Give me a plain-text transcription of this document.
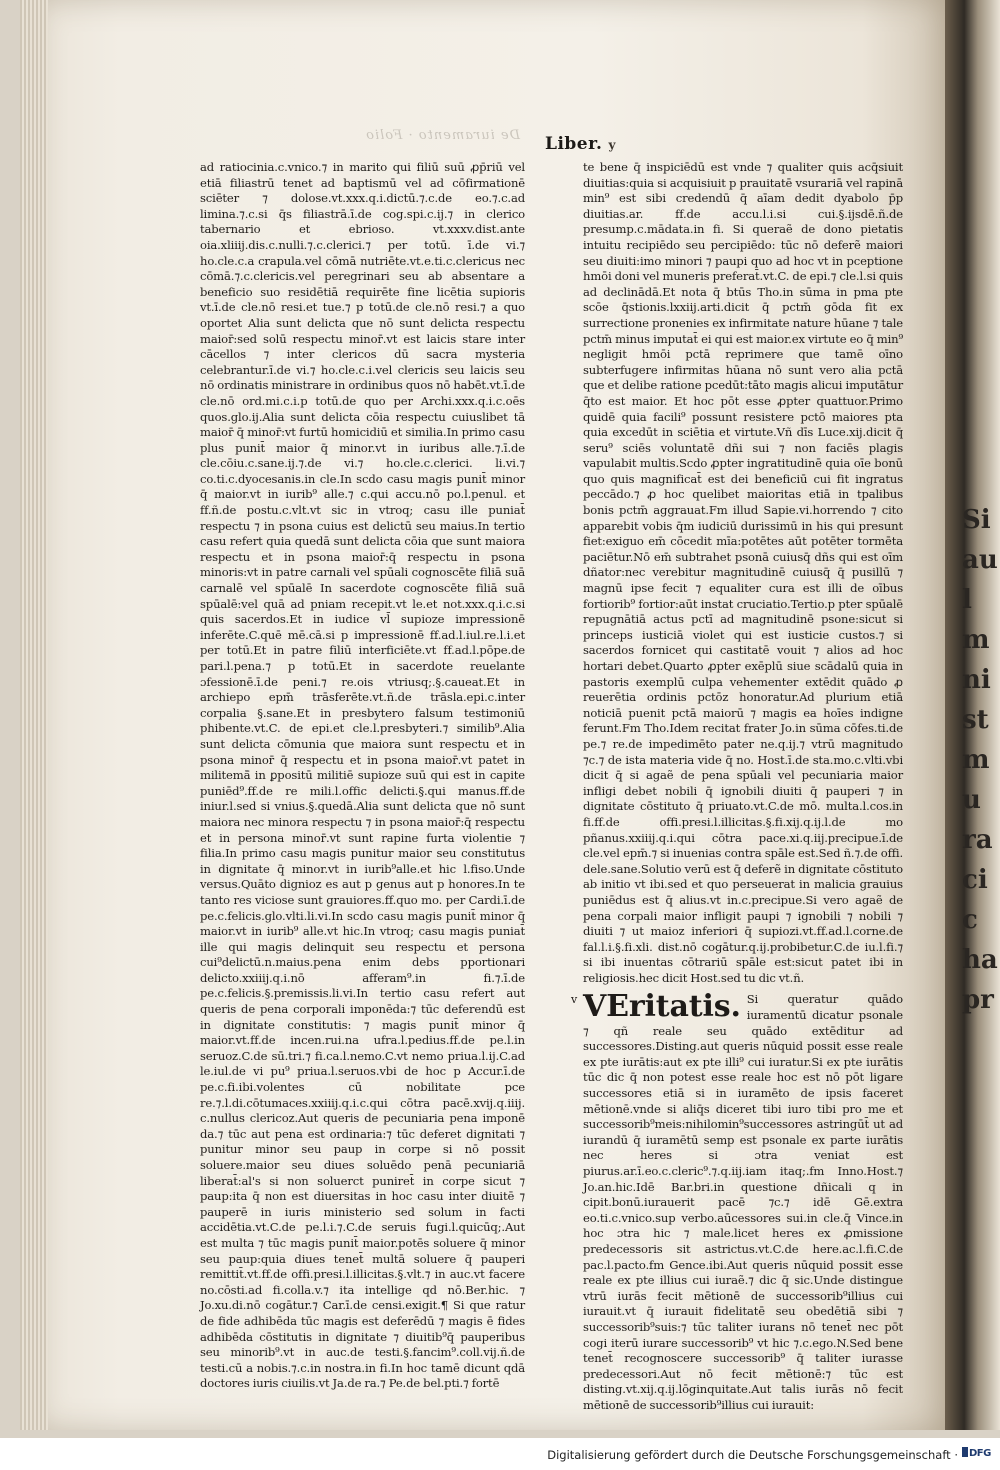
Si au l m ni st mu ra ci c ha pr
De iuramento · Folio Liber. y

ad ratiocinia.c.vnico.⁊ in marito qui filiū suū ꝓp̄riū vel etiā filiastrū tenet ad baptismū vel ad cōfirmationē sciēter ⁊ dolose.vt.xxx.q.i.dictū.⁊.c.de eo.⁊.c.ad limina.⁊.c.si q̄s filiastrā.ī.de cog.spi.c.ij.⁊ in clerico tabernario et ebrioso. vt.xxxv.dist.ante oia.xliiij.dis.c.nulli.⁊.c.clerici.⁊ per totū. ī.de vi.⁊ ho.cle.c.a crapula.vel cōmā nutriēte.vt.e.ti.c.clericus nec cōmā.⁊.c.clericis.vel peregrinari seu ab absentare a beneficio suo residētiā requirēte fine licētia supioris vt.ī.de cle.nō resi.et tue.⁊ p totū.de cle.nō resi.⁊ a quo oportet Alia sunt delicta que nō sunt delicta respectu maior̄:sed solū respectu minor̄.vt est laicis stare inter cācellos ⁊ inter clericos dū sacra mysteria celebrantur.ī.de vi.⁊ ho.cle.c.i.vel clericis seu laicis seu nō ordinatis ministrare in ordinibus quos nō habēt.vt.ī.de cle.nō ord.mi.c.i.p totū.de quo per Archi.xxx.q.i.c.oēs quos.glo.ij.Alia sunt delicta cōia respectu cuiuslibet tā maior̄ q̄ minor̄:vt furtū homicidiū et similia.In primo casu plus punit̄ maior q̄ minor.vt in iuribus alle.⁊.ī.de cle.cōiu.c.sane.ij.⁊.de vi.⁊ ho.cle.c.clerici. li.vi.⁊ co.ti.c.dyocesanis.in cle.In scdo casu magis punit̄ minor q̄ maior.vt in iurib⁹ alle.⁊ c.qui accu.nō po.l.penul. et ff.ñ.de postu.c.vlt.vt sic in vtroq; casu ille puniat̄ respectu ⁊ in psona cuius est delictū seu maius.In tertio casu refert quia quedā sunt delicta cōia que sunt maiora respectu et in psona maior̄:q̄ respectu in psona minoris:vt in patre carnali vel spūali cognoscēte filiā suā carnalē vel spūalē In sacerdote cognoscēte filiā suā spūalē:vel quā ad pniam recepit.vt le.et not.xxx.q.i.c.si quis sacerdos.Et in iudice vl̄ supioze impressionē inferēte.C.quē mē.cā.si p impressionē ff.ad.l.iul.re.l.i.et per totū.Et in patre filiū interficiēte.vt ff.ad.l.pōpe.de pari.l.pena.⁊ p totū.Et in sacerdote reuelante ɔfessionē.ī.de peni.⁊ re.ois vtriusq;.§.caueat.Et in archiepo epm̄ trāsferēte.vt.ñ.de trāsla.epi.c.inter corpalia §.sane.Et in presbytero falsum testimoniū phibente.vt.C. de epi.et cle.l.presbyteri.⁊ similib⁹.Alia sunt delicta cōmunia que maiora sunt respectu et in psona minor̄ q̄ respectu et in psona maior̄.vt patet in militemā̄ in ꝑpositū militiē supioze suū qui est in capite puniēd⁹.ff.de re mili.l.offic delicti.§.qui manus.ff.de iniur.l.sed si vnius.§.quedā.Alia sunt delicta que nō sunt maiora nec minora respectu ⁊ in psona maior̄:q̄ respectu et in persona minor̄.vt sunt rapine furta violentie ⁊ filia.In primo casu magis punitur maior seu constitutus in dignitate q̄ minor.vt in iurib⁹alle.et hic l.fiso.Unde versus.Quāto dignioz es aut p genus aut p honores.In te tanto res viciose sunt grauiores.ff.quo mo. per Cardi.ī.de pe.c.felicis.glo.vlti.li.vi.In scdo casu magis punit̄ minor q̄ maior.vt in iurib⁹ alle.vt hic.In vtroq; casu magis puniat̄ ille qui magis delinquit seu respectu et persona cui⁹delictū.n.maius.pena enim debs pportionari delicto.xxiiij.q.i.nō afferam⁹.in fi.⁊.ī.de pe.c.felicis.§.premissis.li.vi.In tertio casu refert aut queris de pena corporali imponēda:⁊ tūc deferendū est in dignitate constitutis: ⁊ magis punit̄ minor q̄ maior.vt.ff.de incen.rui.na ufra.l.pedius.ff.de pe.l.in seruoz.C.de sū.tri.⁊ fi.ca.l.nemo.C.vt nemo priua.l.ij.C.ad le.iul.de vi pu⁹ priua.l.seruos.vbi de hoc p Accur.ī.de pe.c.fi.ibi.volentes cū nobilitate pce re.⁊.l.di.cōtumaces.xxiiij.q.i.c.qui cōtra pacē.xvij.q.iiij. c.nullus clericoz.Aut queris de pecuniaria pena imponē da.⁊ tūc aut pena est ordinaria:⁊ tūc deferet dignitati ⁊ punitur minor seu paup in corpe si nō possit soluere.maior seu diues soluēdo penā pecuniariā liberat̄:al's si non soluerct puniret̄ in corpe sicut ⁊ paup:ita q̄ non est diuersitas in hoc casu inter diuitē ⁊ pauperē in iuris ministerio sed solum in facti accidētia.vt.C.de pe.l.i.⁊.C.de seruis fugi.l.quicūq;.Aut est multa ⁊ tūc magis punit̄ maior.potēs soluere q̄ minor seu paup:quia diues tenet̄ multā soluere q̄ pauperi remittit̄.vt.ff.de offi.presi.l.illicitas.§.vlt.⁊ in auc.vt facere no.cōsti.ad fi.colla.v.⁊ ita intellige qd nō.Ber.hic. ⁊ Jo.xu.di.nō cogātur.⁊ Car.ī.de censi.exigit.¶ Si que ratur de fide adhibēda tūc magis est deferēdū ⁊ magis ē fides adhibēda cōstitutis in dignitate ⁊ diuitib⁹q̄ pauperibus seu minorib⁹.vt in auc.de testi.§.fancim⁹.coll.vij.ñ.de testi.cū a nobis.⁊.c.in nostra.in fi.In hoc tamē dicunt qdā doctores iuris ciuilis.vt Ja.de ra.⁊ Pe.de bel.pti.⁊ fortē

te bene q̄ inspiciēdū est vnde ⁊ qualiter quis acq̄siuit diuitias:quia si acquisiuit p prauitatē vsurariā vel rapinā min⁹ est sibi credendū q̄ aīam dedit dyabolo p̄p diuitias.ar. ff.de accu.l.i.si cui.§.ijsdē.ñ.de presump.c.mādata.in fi. Si queraẽ de dono pietatis intuitu recipiēdo seu percipiēdo: tūc nō deferẽ maiori seu diuiti:imo minori ⁊ paupi quo ad hoc vt in pceptione hmōi doni vel muneris preferat̄.vt.C. de epi.⁊ cle.l.si quis ad declinādā.Et nota q̄ btūs Tho.in sūma in pma pte scōe q̄stionis.lxxiij.arti.dicit q̄ pctm̄ gōda fit ex surrectione pronenies ex infirmitate nature hūane ⁊ tale pctm̄ minus imputat̄ ei qui est maior.ex virtute eo q̄ min⁹ negligit hmōi pctā reprimere que tamē oīno subterfugere infirmitas hūana nō sunt vero alia pctā que et delibe ratione pcedūt:tāto magis alicui imputātur q̄to est maior. Et hoc pōt esse ꝓpter quattuor.Primo quidē quia facili⁹ possunt resistere pctō maiores pta quia excedūt in sciētia et virtute.Vñ dīs Luce.xij.dicit q̄ seru⁹ sciēs voluntatē dñi sui ⁊ non faciēs plagis vapulabit multis.Scdo ꝓpter ingratitudinē quia oīe bonū quo quis magnificat̄ est dei beneficiū cui fit ingratus peccādo.⁊ ꝓ hoc quelibet maioritas etiā in tpalibus bonis pctm̄ aggrauat.Fm illud Sapie.vi.horrendo ⁊ cito apparebit vobis q̄m iudiciū durissimū in his qui presunt fiet:exiguo em̄ cōcedit mīa:potētes aūt potēter tormēta paciētur.Nō em̄ subtrahet psonā cuiusq̄ dñs qui est oīm dñator:nec verebitur magnitudinē cuiusq̄ q̄ pusillū ⁊ magnū ipse fecit ⁊ equaliter cura est illi de oībus fortiorib⁹ fortior:aūt instat cruciatio.Tertio.p pter spūalē repugnātiā actus pctī ad magnitudinē psone:sicut si princeps iusticiā violet qui est iusticie custos.⁊ si sacerdos fornicet qui castitatē vouit ⁊ alios ad hoc hortari debet.Quarto ꝓpter exēplū siue scādalū quia in pastoris exemplū culpa vehementer extēdit quādo ꝓ reuerētia ordinis pctōz honoratur.Ad plurium etiā noticiā puenit pctā maiorū ⁊ magis ea hoīes indigne ferunt.Fm Tho.Idem recitat frater Jo.in sūma cōfes.ti.de pe.⁊ re.de impedimēto pater ne.q.ij.⁊ vtrū magnitudo ⁊c.⁊ de ista materia vide q̄ no. Host.ī.de sta.mo.c.vlti.vbi dicit q̄ si agaẽ de pena spūali vel pecuniaria maior infligi debet nobili q̄ ignobili diuiti q̄ pauperi ⁊ in dignitate cōstituto q̄ priuato.vt.C.de mō. multa.l.cos.in fi.ff.de offi.presi.l.illicitas.§.fi.xij.q.ij.l.de mo pñanus.xxiiij.q.i.qui cōtra pace.xi.q.iij.precipue.ī.de cle.vel epm̄.⁊ si inuenias contra spāle est.Sed ñ.⁊.de offi. dele.sane.Solutio verū est q̄ deferẽ in dignitate cōstituto ab initio vt ibi.sed et quo perseuerat in malicia grauius puniēdus est q̄ alius.vt in.c.precipue.Si vero agaẽ de pena corpali maior infligit paupi ⁊ ignobili ⁊ nobili ⁊ diuiti ⁊ ut maioz inferiori q̄ supiozi.vt.ff.ad.l.corne.de fal.l.i.§.fi.xli. dist.nō cogātur.q.ij.probibetur.C.de iu.l.fi.⁊ si ibi inuentas cōtrariū spāle est:sicut patet ibi in religiosis.hec dicit Host.sed tu dic vt.ñ.

v VEritatis. Si queratur quādo iuramentū dicatur psonale ⁊ qñ reale seu quādo extēditur ad successores.Disting.aut queris nūquid possit esse reale ex pte iurātis:aut ex pte illi⁹ cui iuratur.Si ex pte iurātis tūc dic q̄ non potest esse reale hoc est nō pōt ligare successores etiā si in iuramēto de ipsis faceret mētionē.vnde si aliq̄s diceret tibi iuro tibi pro me et successorib⁹meis:nihilomin⁹successores astringūt̄ ut ad iurandū q̄ iuramētū semp est psonale ex parte iurātis nec heres si ɔtra veniat est piurus.ar.ī.eo.c.cleric⁹.⁊.q.iij.iam itaq;.fm Inno.Host.⁊ Jo.an.hic.Idē Bar.bri.in questione dñicali q in cipit.bonū.iurauerit pacē ⁊c.⁊ idē Gē.extra eo.ti.c.vnico.sup verbo.aūcessores sui.in cle.q̄ Vince.in hoc ɔtra hic ⁊ male.licet heres ex ꝓmissione predecessoris sit astrictus.vt.C.de here.ac.l.fi.C.de pac.l.pacto.fm Gence.ibi.Aut queris nūquid possit esse reale ex pte illius cui iuraẽ.⁊ dic q̄ sic.Unde distingue vtrū iurās fecit mētionē de successorib⁹illius cui iurauit.vt q̄ iurauit fidelitatē seu obedētiā sibi ⁊ successorib⁹suis:⁊ tūc taliter iurans nō tenet̄ nec pōt cogi iterū iurare successorib⁹ vt hic ⁊.c.ego.N.Sed bene tenet̄ recognoscere successorib⁹ q̄ taliter iurasse predecessori.Aut nō fecit mētionē:⁊ tūc est disting.vt.xij.q.ij.lōginquitate.Aut talis iurās nō fecit mētionē de successorib⁹illius cui iurauit:

Digitalisierung gefördert durch die Deutsche Forschungsgemeinschaft ·	DFG
